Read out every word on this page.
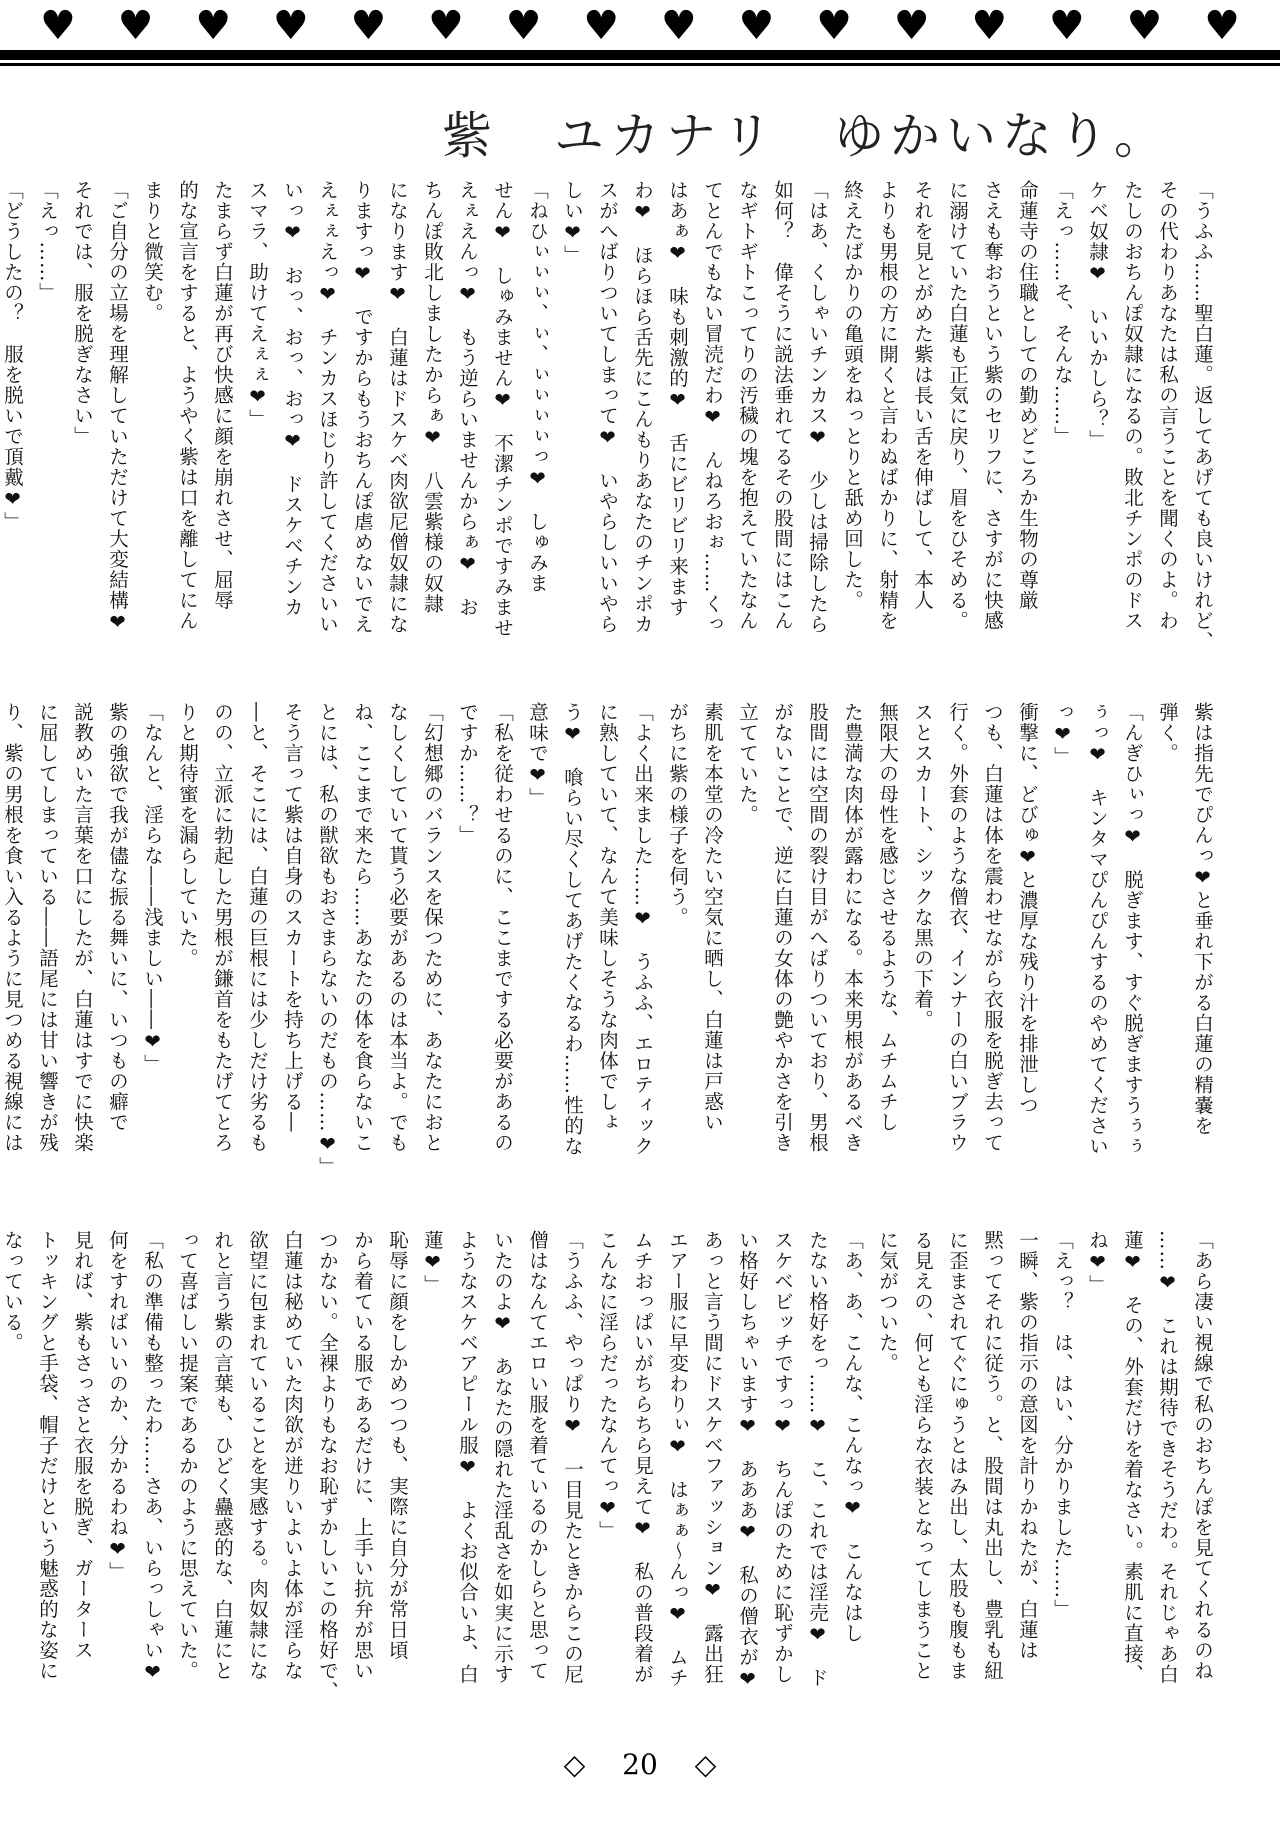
♥ ♥ ♥ ♥ ♥ ♥ ♥ ♥ ♥ ♥ ♥ ♥ ♥ ♥ ♥ ♥
紫　ユカナリ　ゆかいなり。
「うふふ……聖白蓮。返してあげても良いけれど、
その代わりあなたは私の言うことを聞くのよ。わ
たしのおちんぽ奴隷になるの。敗北チンポのドス
ケベ奴隷❤　いいかしら？」
「えっ……そ、そんな……」
命蓮寺の住職としての勤めどころか生物の尊厳
さえも奪おうという紫のセリフに、さすがに快感
に溺けていた白蓮も正気に戻り、眉をひそめる。
それを見とがめた紫は長い舌を伸ばして、本人
よりも男根の方に開くと言わぬばかりに、射精を
終えたばかりの亀頭をねっとりと舐め回した。
「はあ、くしゃいチンカス❤　少しは掃除したら
如何？　偉そうに説法垂れてるその股間にはこん
なギトギトこってりの汚穢の塊を抱えていたなん
てとんでもない冒涜だわ❤　んねろおぉ……くっ
はあぁ❤　味も刺激的❤　舌にビリビリ来ます
わ❤　ほらほら舌先にこんもりあなたのチンポカ
スがへばりついてしまって❤　いやらしいいやら
しい❤」
「ねひぃぃぃ、ぃ、ぃぃぃぃっ❤　しゅみま
せん❤　しゅみません❤　不潔チンポですみませ
えぇえんっ❤　もう逆らいませんからぁ❤　お
ちんぽ敗北しましたからぁ❤　八雲紫様の奴隷
になります❤　白蓮はドスケベ肉欲尼僧奴隷にな
りますっ❤　ですからもうおちんぽ虐めないでえ
えぇぇえっ❤　チンカスほじり許してくださいい
いっ❤　おっ、おっ、おっ❤　ドスケベチンカ
スマラ、助けてえぇぇ❤」
たまらず白蓮が再び快感に顔を崩れさせ、屈辱
的な宣言をすると、ようやく紫は口を離してにん
まりと微笑む。
「ご自分の立場を理解していただけて大変結構❤
それでは、服を脱ぎなさい」
「えっ……」
「どうしたの？　服を脱いで頂戴❤」
紫は指先でぴんっ❤と垂れ下がる白蓮の精嚢を
弾く。
「んぎひぃっ❤　脱ぎます、すぐ脱ぎますうぅぅ
ぅっ❤　キンタマぴんぴんするのやめてください
っ❤」
衝撃に、どびゅ❤と濃厚な残り汁を排泄しつ
つも、白蓮は体を震わせながら衣服を脱ぎ去って
行く。外套のような僧衣、インナーの白いブラウ
スとスカート、シックな黒の下着。
無限大の母性を感じさせるような、ムチムチし
た豊満な肉体が露わになる。本来男根があるべき
股間には空間の裂け目がへばりついており、男根
がないことで、逆に白蓮の女体の艶やかさを引き
立てていた。
素肌を本堂の冷たい空気に晒し、白蓮は戸惑い
がちに紫の様子を伺う。
「よく出来ました……❤　うふふ、エロティック
に熟していて、なんて美味しそうな肉体でしょ
う❤　喰らい尽くしてあげたくなるわ……性的な
意味で❤」
「私を従わせるのに、ここまでする必要があるの
ですか……？」
「幻想郷のバランスを保つために、あなたにおと
なしくしていて貰う必要があるのは本当よ。でも
ね、ここまで来たら……あなたの体を食らないこ
とには、私の獣欲もおさまらないのだもの……❤」
そう言って紫は自身のスカートを持ち上げる―
―と、そこには、白蓮の巨根には少しだけ劣るも
のの、立派に勃起した男根が鎌首をもたげてとろ
りと期待蜜を漏らしていた。
「なんと、淫らな――浅ましい――❤」
紫の強欲で我が儘な振る舞いに、いつもの癖で
説教めいた言葉を口にしたが、白蓮はすでに快楽
に屈してしまっている――語尾には甘い響きが残
り、紫の男根を食い入るように見つめる視線には
「あら凄い視線で私のおちんぽを見てくれるのね
……❤　これは期待できそうだわ。それじゃあ白
蓮❤　その、外套だけを着なさい。素肌に直接、
ね❤」
「えっ？　は、はい、分かりました……」
一瞬、紫の指示の意図を計りかねたが、白蓮は
黙ってそれに従う。と、股間は丸出し、豊乳も紐
に歪まされてぐにゅうとはみ出し、太股も腹もま
る見えの、何とも淫らな衣装となってしまうこと
に気がついた。
「あ、あ、こんな、こんなっ❤　こんなはし
たない格好をっ……❤　こ、これでは淫売❤　ド
スケベビッチですっ❤　ちんぽのために恥ずかし
い格好しちゃいます❤　あああ❤　私の僧衣が❤
あっと言う間にドスケベファッション❤　露出狂
エアー服に早変わりぃ❤　はぁぁ～んっ❤　ムチ
ムチおっぱいがちらちら見えて❤　私の普段着が
こんなに淫らだったなんてっ❤」
「うふふ、やっぱり❤　一目見たときからこの尼
僧はなんてエロい服を着ているのかしらと思って
いたのよ❤　あなたの隠れた淫乱さを如実に示す
ようなスケベアピール服❤　よくお似合いよ、白
蓮❤」
恥辱に顔をしかめつつも、実際に自分が常日頃
から着ている服であるだけに、上手い抗弁が思い
つかない。全裸よりもなお恥ずかしいこの格好で、
白蓮は秘めていた肉欲が迸りいよいよ体が淫らな
欲望に包まれていることを実感する。肉奴隷にな
れと言う紫の言葉も、ひどく蠱惑的な、白蓮にと
って喜ばしい提案であるかのように思えていた。
「私の準備も整ったわ……さあ、いらっしゃい❤
何をすればいいのか、分かるわね❤」
見れば、紫もさっさと衣服を脱ぎ、ガータース
トッキングと手袋、帽子だけという魅惑的な姿に
なっている。
◇ 20 ◇
